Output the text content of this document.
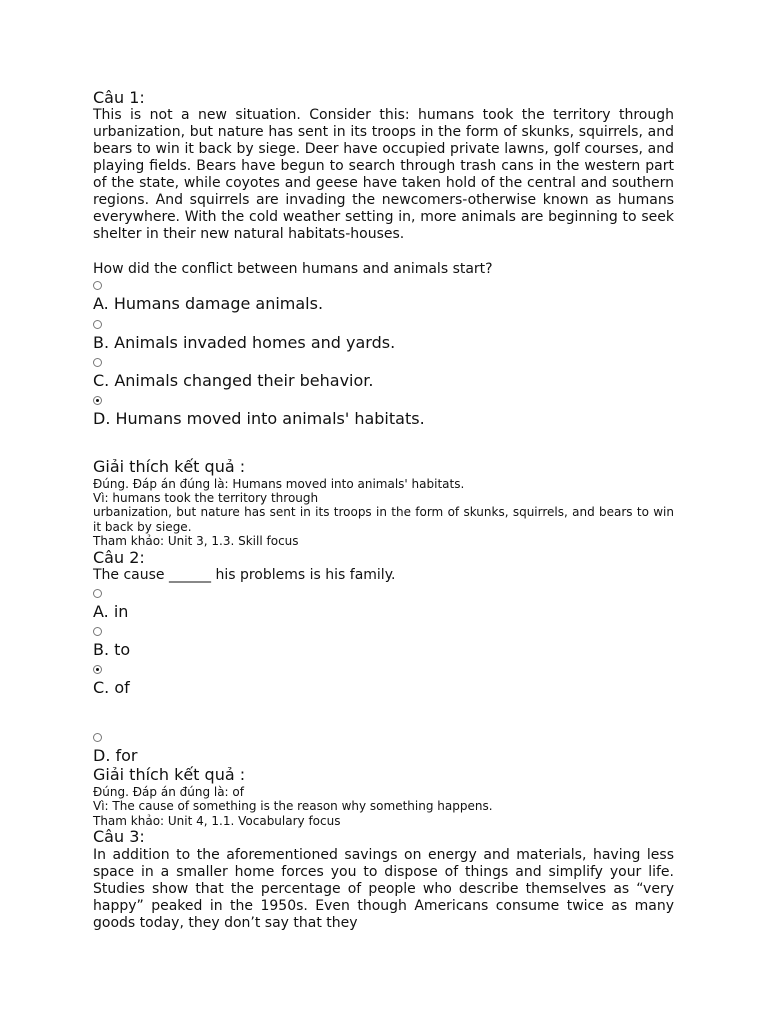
Câu 1:
This is not a new situation. Consider this: humans took the territory through urbanization, but nature has sent in its troops in the form of skunks, squirrels, and bears to win it back by siege. Deer have occupied private lawns, golf courses, and playing fields. Bears have begun to search through trash cans in the western part of the state, while coyotes and geese have taken hold of the central and southern regions. And squirrels are invading the newcomers-otherwise known as humans everywhere. With the cold weather setting in, more animals are beginning to seek shelter in their new natural habitats-houses.
How did the conflict between humans and animals start?
A. Humans damage animals.
B. Animals invaded homes and yards.
C. Animals changed their behavior.
D. Humans moved into animals' habitats.
Giải thích kết quả :
Đúng. Đáp án đúng là: Humans moved into animals' habitats.
Vì: humans took the territory through
urbanization, but nature has sent in its troops in the form of skunks, squirrels, and bears to win it back by siege.
Tham khảo: Unit 3, 1.3. Skill focus
Câu 2:
The cause ______ his problems is his family.
A. in
B. to
C. of
D. for
Giải thích kết quả :
Đúng. Đáp án đúng là: of
Vì: The cause of something is the reason why something happens.
Tham khảo: Unit 4, 1.1. Vocabulary focus
Câu 3:
In addition to the aforementioned savings on energy and materials, having less space in a smaller home forces you to dispose of things and simplify your life. Studies show that the percentage of people who describe themselves as “very happy” peaked in the 1950s. Even though Americans consume twice as many goods today, they don’t say that they
